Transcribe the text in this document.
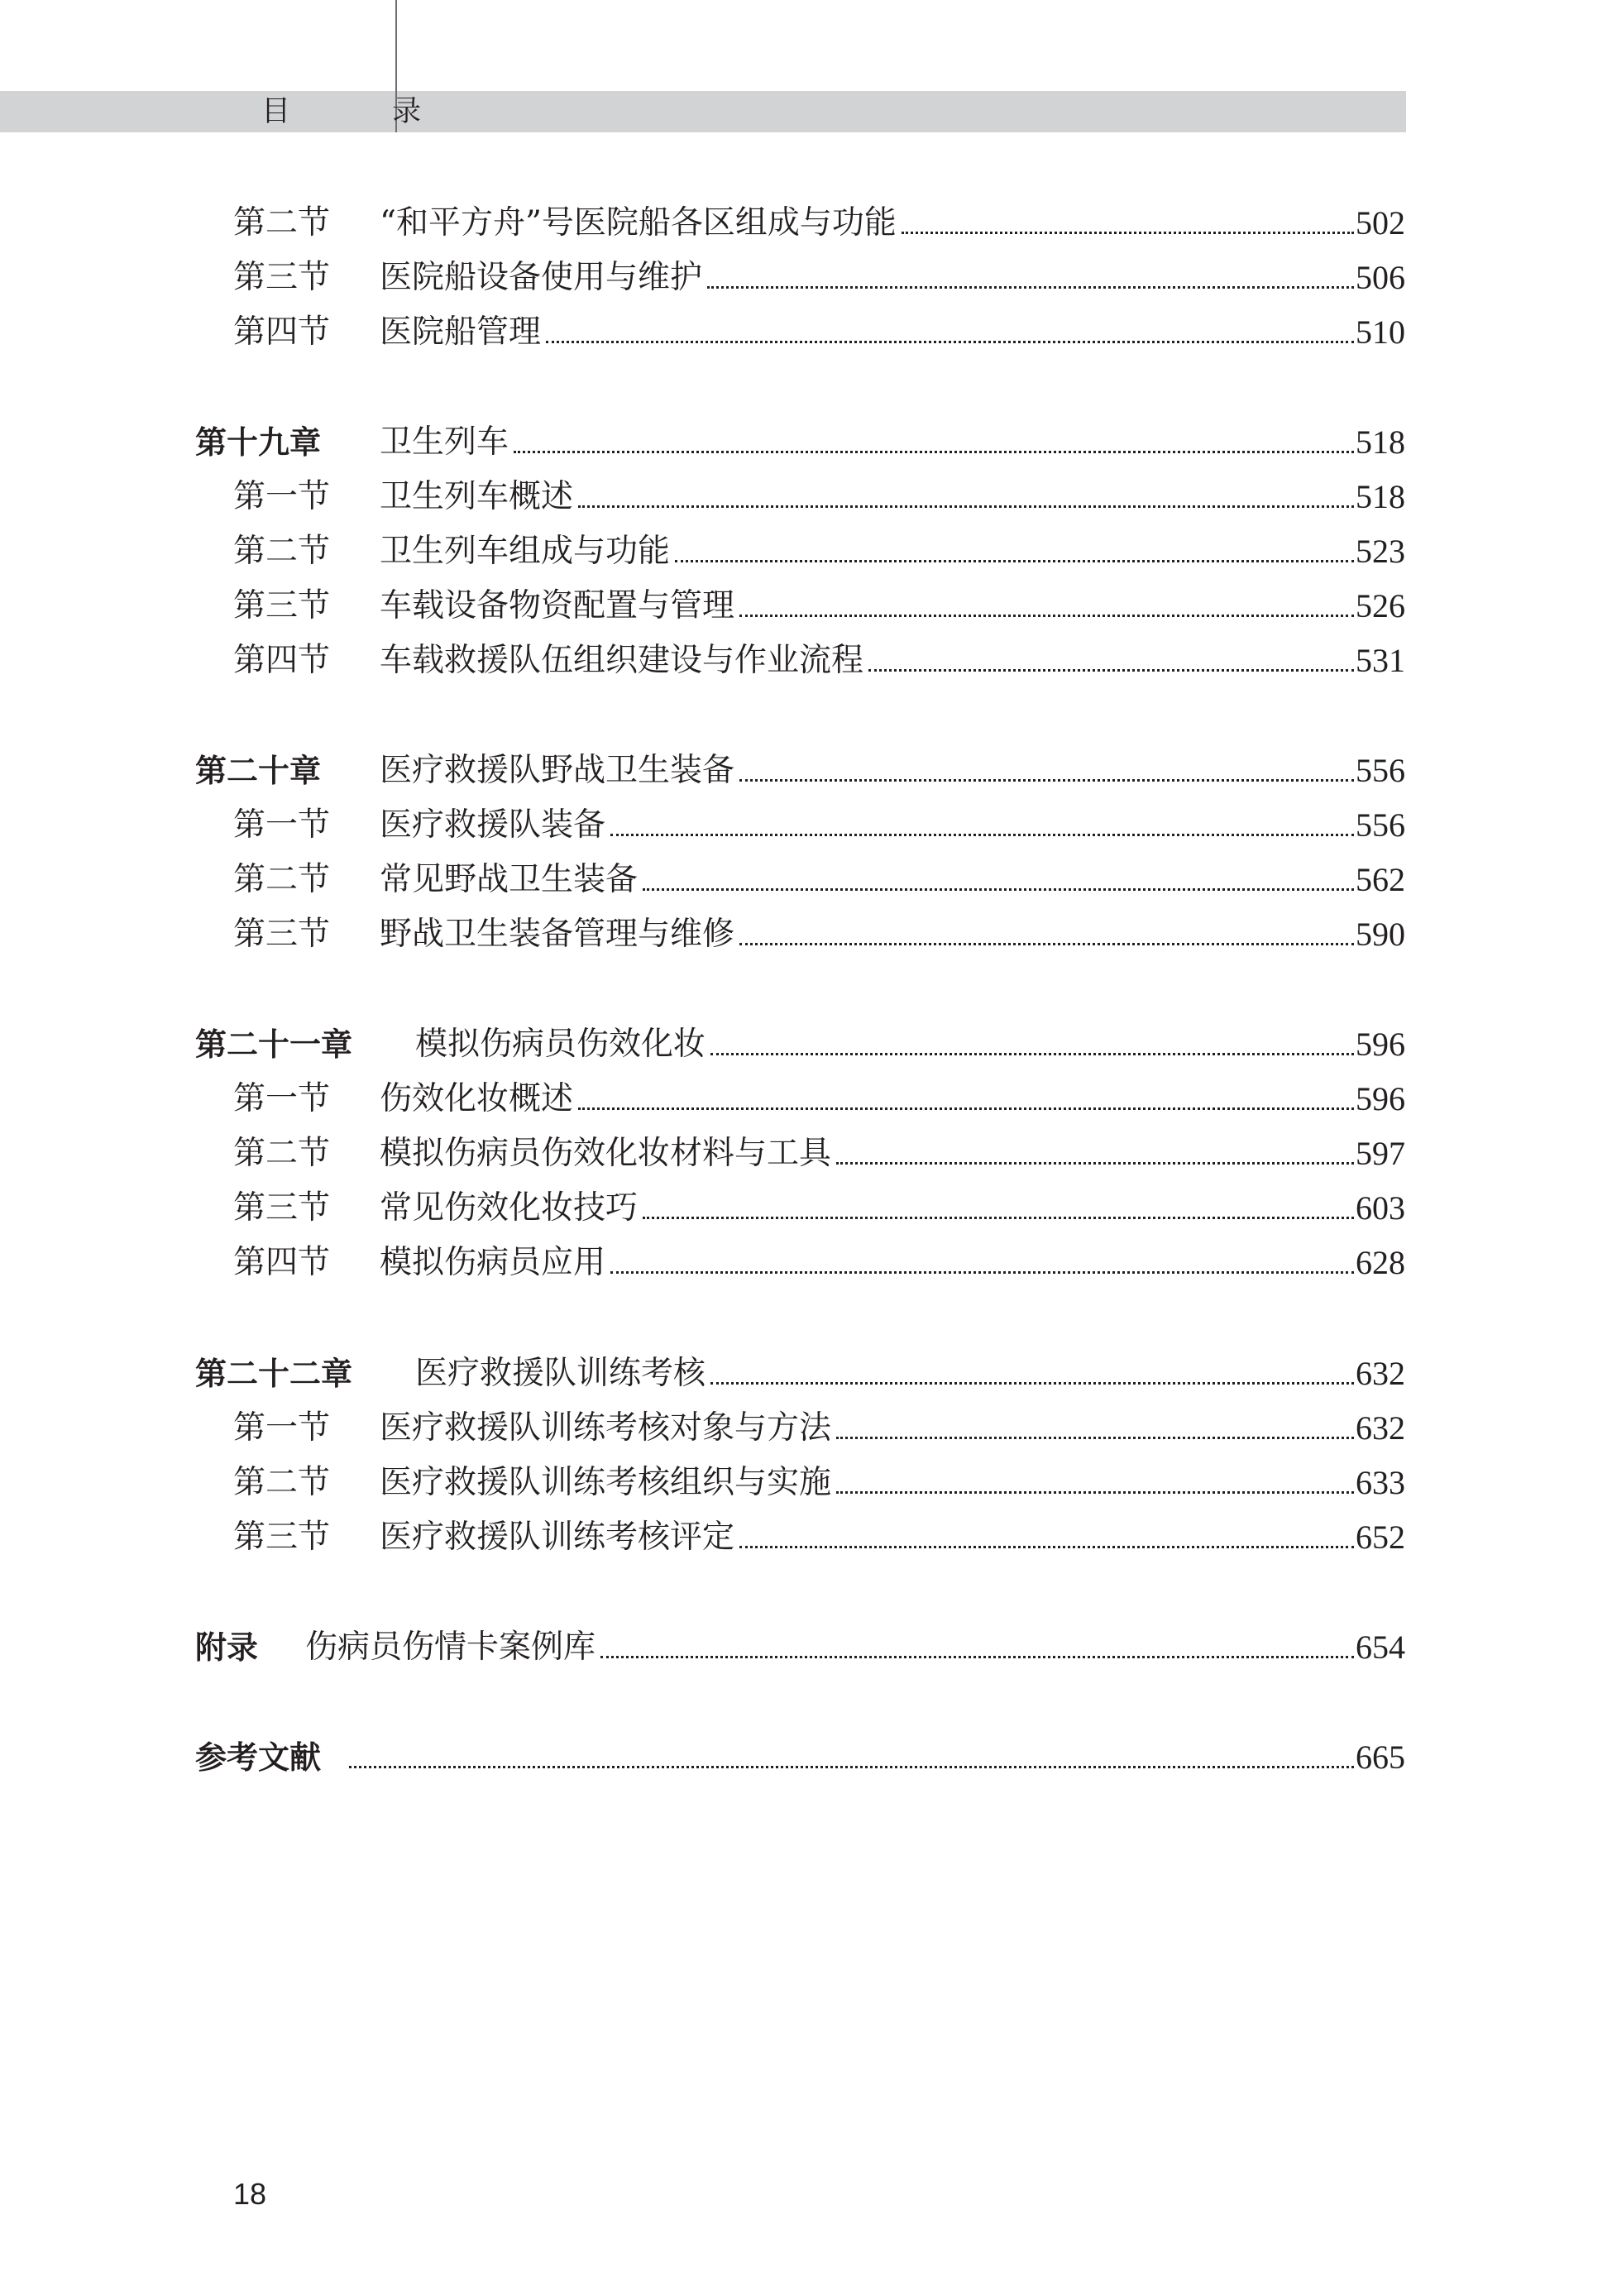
目 录
第二节	“和平方舟”号医院船各区组成与功能	502
第三节	医院船设备使用与维护	506
第四节	医院船管理	510
第十九章	卫生列车	518
第一节	卫生列车概述	518
第二节	卫生列车组成与功能	523
第三节	车载设备物资配置与管理	526
第四节	车载救援队伍组织建设与作业流程	531
第二十章	医疗救援队野战卫生装备	556
第一节	医疗救援队装备	556
第二节	常见野战卫生装备	562
第三节	野战卫生装备管理与维修	590
第二十一章	模拟伤病员伤效化妆	596
第一节	伤效化妆概述	596
第二节	模拟伤病员伤效化妆材料与工具	597
第三节	常见伤效化妆技巧	603
第四节	模拟伤病员应用	628
第二十二章	医疗救援队训练考核	632
第一节	医疗救援队训练考核对象与方法	632
第二节	医疗救援队训练考核组织与实施	633
第三节	医疗救援队训练考核评定	652
附录	伤病员伤情卡案例库	654
参考文献	665
18
